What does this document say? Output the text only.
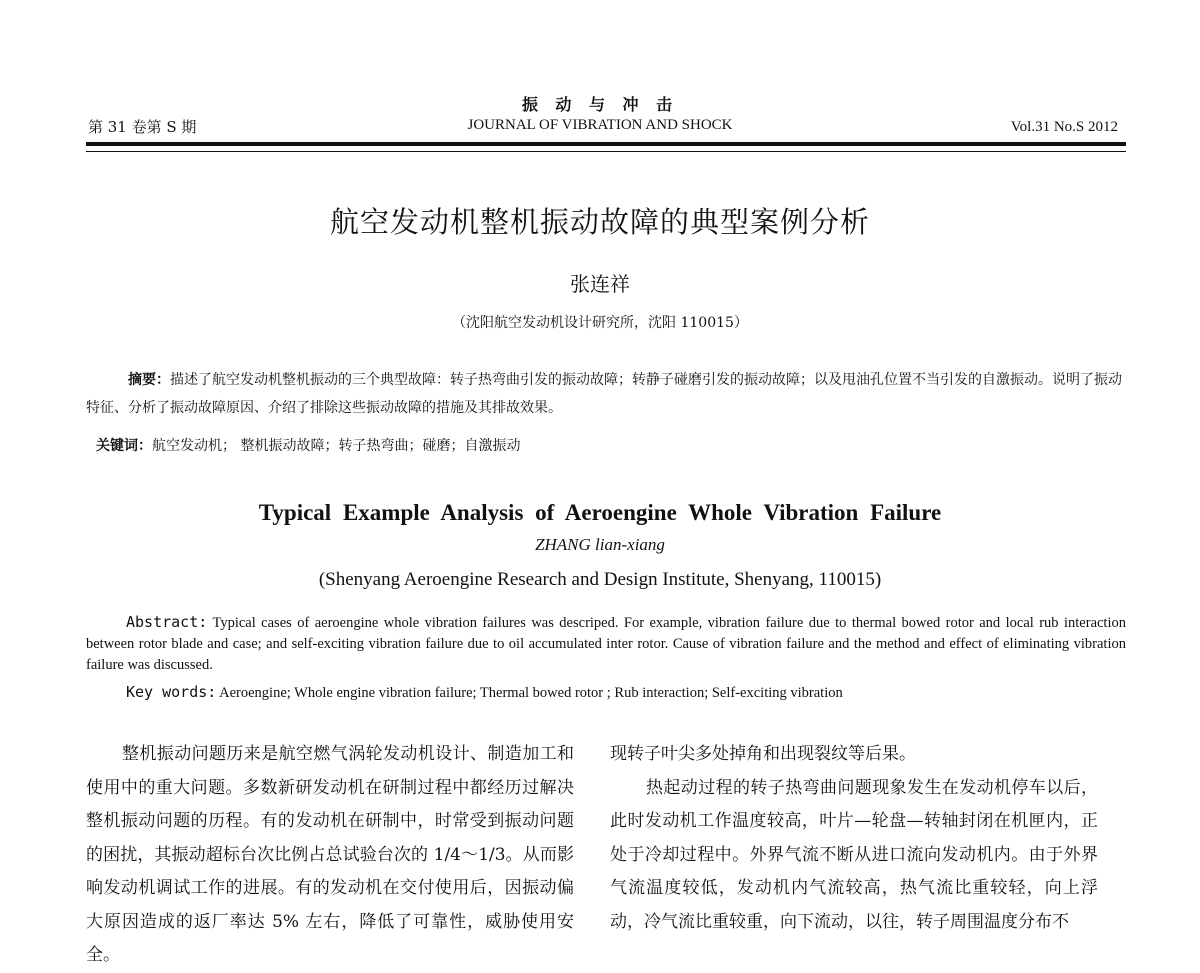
第 31 卷第 S 期
振 动 与 冲 击
JOURNAL OF VIBRATION AND SHOCK	Vol.31 No.S 2012
航空发动机整机振动故障的典型案例分析
张连祥
（沈阳航空发动机设计研究所，沈阳 110015）
摘要：描述了航空发动机整机振动的三个典型故障：转子热弯曲引发的振动故障；转静子碰磨引发的振动故障；以及甩油孔位置不当引发的自激振动。说明了振动特征、分析了振动故障原因、介绍了排除这些振动故障的措施及其排故效果。
关键词：航空发动机； 整机振动故障；转子热弯曲；碰磨；自激振动
Typical Example Analysis of Aeroengine Whole Vibration Failure
ZHANG lian-xiang
(Shenyang Aeroengine Research and Design Institute, Shenyang, 110015)
Abstract: Typical cases of aeroengine whole vibration failures was descriped. For example, vibration failure due to thermal bowed rotor and local rub interaction between rotor blade and case; and self-exciting vibration failure due to oil accumulated inter rotor. Cause of vibration failure and the method and effect of eliminating vibration failure was discussed.
Key words: Aeroengine; Whole engine vibration failure; Thermal bowed rotor ; Rub interaction; Self-exciting vibration
整机振动问题历来是航空燃气涡轮发动机设计、制造加工和使用中的重大问题。多数新研发动机在研制过程中都经历过解决整机振动问题的历程。有的发动机在研制中，时常受到振动问题的困扰，其振动超标台次比例占总试验台次的 1/4～1/3。从而影响发动机调试工作的进展。有的发动机在交付使用后，因振动偏大原因造成的返厂率达 5% 左右，降低了可靠性，威胁使用安全。
现转子叶尖多处掉角和出现裂纹等后果。
热起动过程的转子热弯曲问题现象发生在发动机停车以后，此时发动机工作温度较高，叶片—轮盘—转轴封闭在机匣内，正处于冷却过程中。外界气流不断从进口流向发动机内。由于外界气流温度较低，发动机内气流较高，热气流比重较轻，向上浮动，冷气流比重较重，向下流动，以往，转子周围温度分布不
